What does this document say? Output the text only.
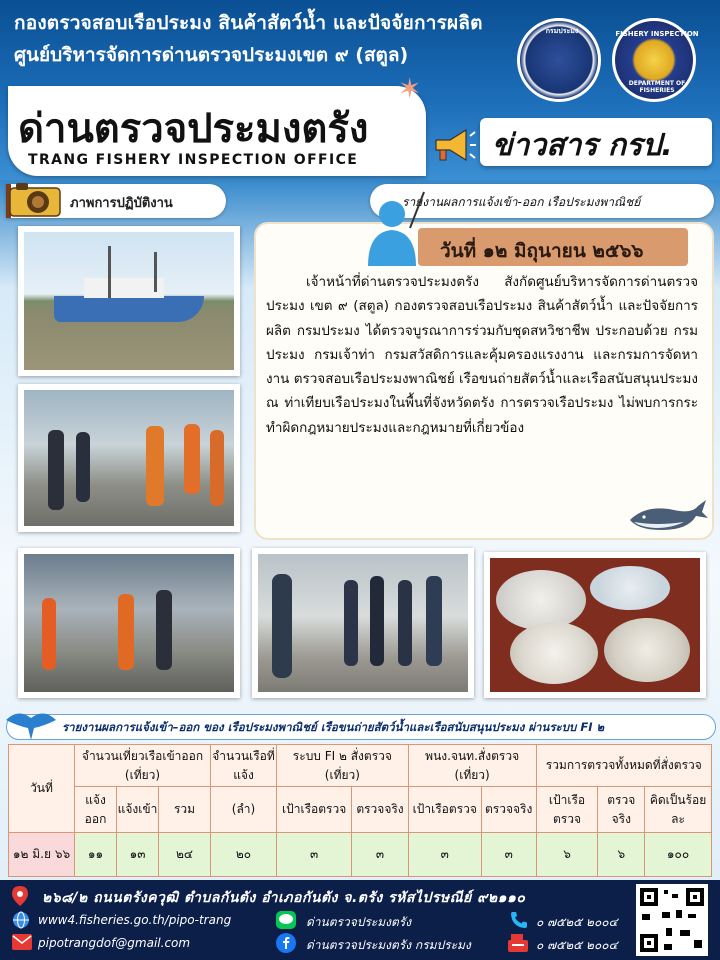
กองตรวจสอบเรือประมง สินค้าสัตว์น้ำ และปัจจัยการผลิต
ศูนย์บริหารจัดการด่านตรวจประมงเขต ๙ (สตูล)
กรมประมง	FISHERY INSPECTION
DEPARTMENT OF FISHERIES
ด่านตรวจประมงตรัง
TRANG FISHERY INSPECTION OFFICE
✶
ข่าวสาร กรป.
ภาพการปฏิบัติงาน	รายงานผลการแจ้งเข้า-ออก เรือประมงพาณิชย์
วันที่ ๑๒ มิถุนายน ๒๕๖๖
เจ้าหน้าที่ด่านตรวจประมงตรัง สังกัดศูนย์บริหารจัดการด่านตรวจประมง เขต ๙ (สตูล) กองตรวจสอบเรือประมง สินค้าสัตว์น้ำ และปัจจัยการผลิต กรมประมง ได้ตรวจบูรณาการร่วมกับชุดสหวิชาชีพ ประกอบด้วย กรมประมง กรมเจ้าท่า กรมสวัสดิการและคุ้มครองแรงงาน และกรมการจัดหางาน ตรวจสอบเรือประมงพาณิชย์ เรือขนถ่ายสัตว์น้ำและเรือสนับสนุนประมง ณ ท่าเทียบเรือประมงในพื้นที่จังหวัดตรัง การตรวจเรือประมง ไม่พบการกระทำผิดกฎหมายประมงและกฎหมายที่เกี่ยวข้อง
รายงานผลการแจ้งเข้า–ออก ของ เรือประมงพาณิชย์ เรือขนถ่ายสัตว์น้ำและเรือสนับสนุนประมง ผ่านระบบ FI ๒
วันที่	จำนวนเที่ยวเรือเข้าออก (เที่ยว)			จำนวนเรือที่แจ้ง	ระบบ FI ๒ สั่งตรวจ (เที่ยว)		พนง.จนท.สั่งตรวจ (เที่ยว)		รวมการตรวจทั้งหมดที่สั่งตรวจ		
	แจ้งออก	แจ้งเข้า	รวม	(ลำ)	เป้าเรือตรวจ	ตรวจจริง	เป้าเรือตรวจ	ตรวจจริง	เป้าเรือตรวจ	ตรวจจริง	คิดเป็นร้อยละ
๑๒ มิ.ย ๖๖	๑๑	๑๓	๒๔	๒๐	๓	๓	๓	๓	๖	๖	๑๐๐
๒๖๘/๒ ถนนตรังควุฒิ ตำบลกันตัง อำเภอกันตัง จ.ตรัง รหัสไปรษณีย์ ๙๒๑๑๐
www4.fisheries.go.th/pipo-trang
pipotrangdof@gmail.com
ด่านตรวจประมงตรัง
ด่านตรวจประมงตรัง กรมประมง
๐ ๗๕๒๕ ๒๐๐๔
๐ ๗๕๒๕ ๒๐๐๔
